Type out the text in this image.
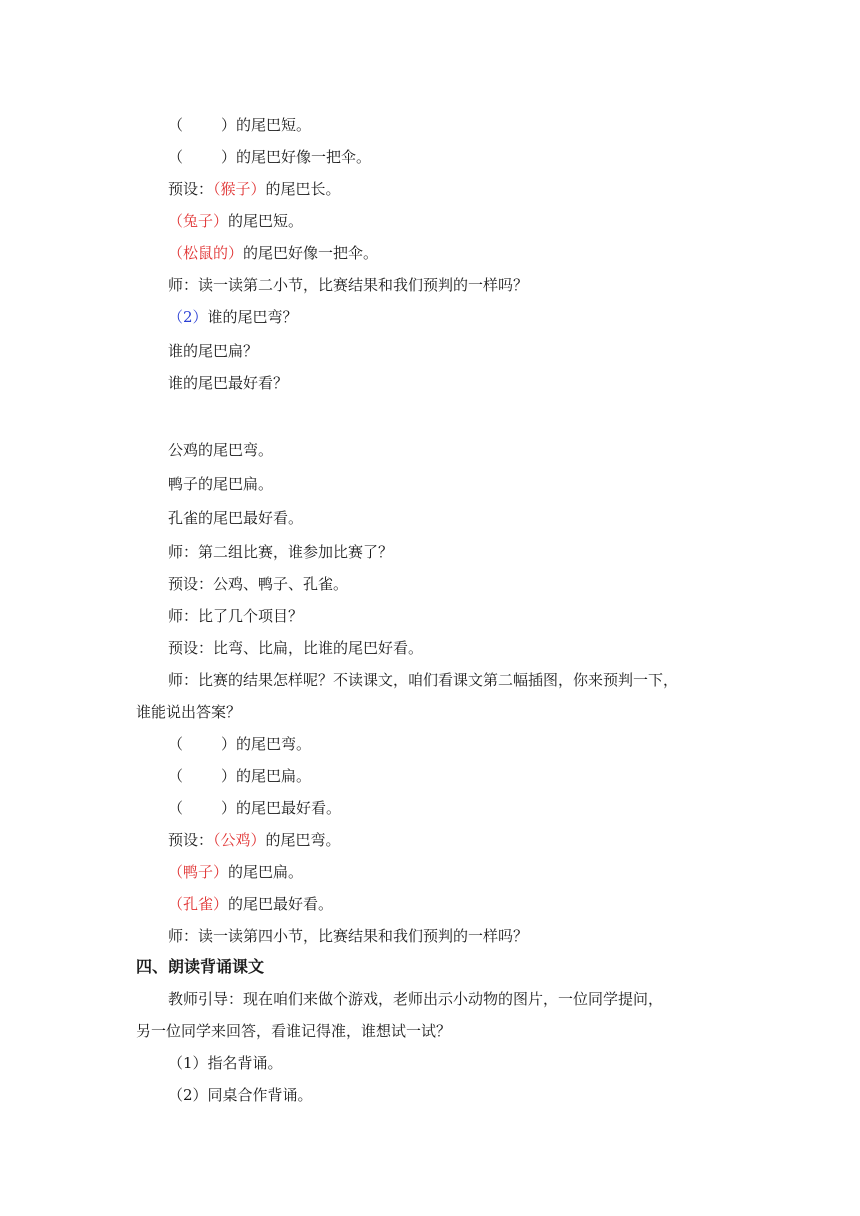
（	）的尾巴短。
（	）的尾巴好像一把伞。
预设：（猴子）的尾巴长。
（兔子）的尾巴短。
（松鼠的）的尾巴好像一把伞。
师：读一读第二小节，比赛结果和我们预判的一样吗？
（2）谁的尾巴弯？
谁的尾巴扁？
谁的尾巴最好看？
公鸡的尾巴弯。
鸭子的尾巴扁。
孔雀的尾巴最好看。
师：第二组比赛，谁参加比赛了？
预设：公鸡、鸭子、孔雀。
师：比了几个项目？
预设：比弯、比扁，比谁的尾巴好看。
师：比赛的结果怎样呢？不读课文，咱们看课文第二幅插图，你来预判一下，
谁能说出答案？
（	）的尾巴弯。
（	）的尾巴扁。
（	）的尾巴最好看。
预设：（公鸡）的尾巴弯。
（鸭子）的尾巴扁。
（孔雀）的尾巴最好看。
师：读一读第四小节，比赛结果和我们预判的一样吗？
四、朗读背诵课文
教师引导：现在咱们来做个游戏，老师出示小动物的图片，一位同学提问，
另一位同学来回答，看谁记得准，谁想试一试？
（1）指名背诵。
（2）同桌合作背诵。
